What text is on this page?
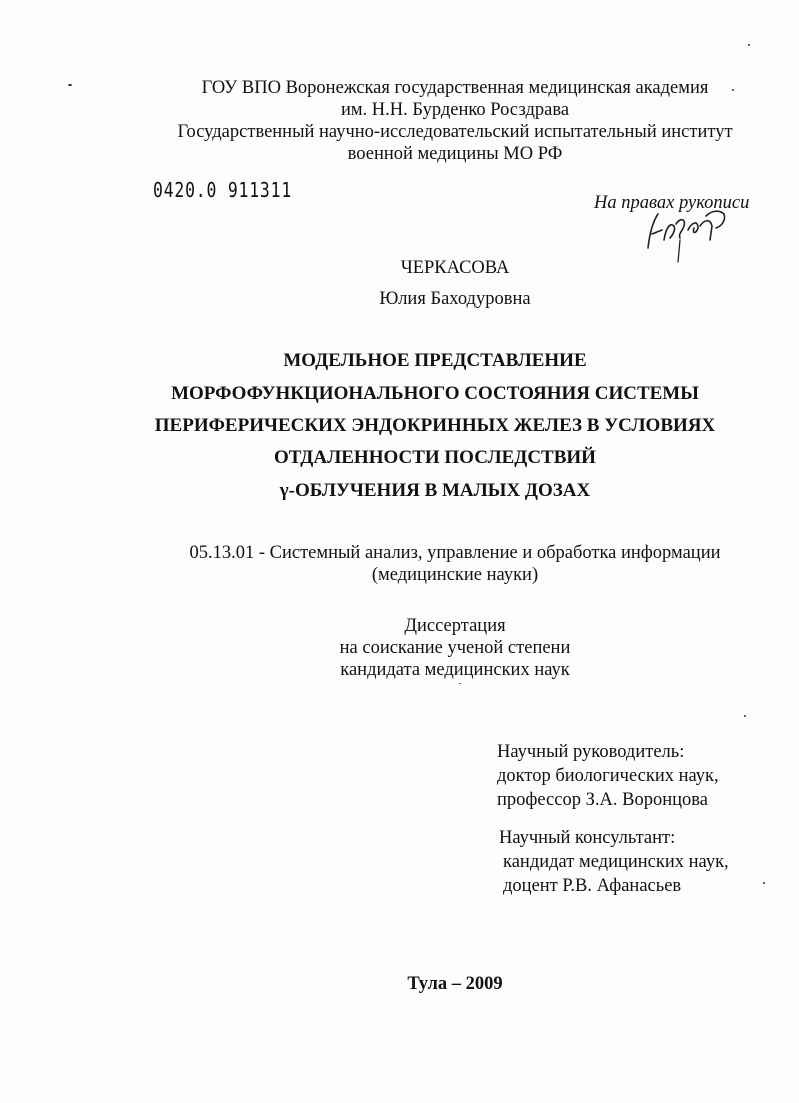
ГОУ ВПО Воронежская государственная медицинская академия
им. Н.Н. Бурденко Росздрава
Государственный научно-исследовательский испытательный институт
военной медицины МО РФ
0420.0 911311
На правах рукописи
ЧЕРКАСОВА
Юлия Баходуровна
МОДЕЛЬНОЕ ПРЕДСТАВЛЕНИЕ
МОРФОФУНКЦИОНАЛЬНОГО СОСТОЯНИЯ СИСТЕМЫ
ПЕРИФЕРИЧЕСКИХ ЭНДОКРИННЫХ ЖЕЛЕЗ В УСЛОВИЯХ
ОТДАЛЕННОСТИ ПОСЛЕДСТВИЙ
γ-ОБЛУЧЕНИЯ В МАЛЫХ ДОЗАХ
05.13.01 - Системный анализ, управление и обработка информации
(медицинские науки)
Диссертация
на соискание ученой степени
кандидата медицинских наук
Научный руководитель:
доктор биологических наук,
профессор З.А. Воронцова
Научный консультант:
кандидат медицинских наук,
доцент Р.В. Афанасьев
Тула – 2009
